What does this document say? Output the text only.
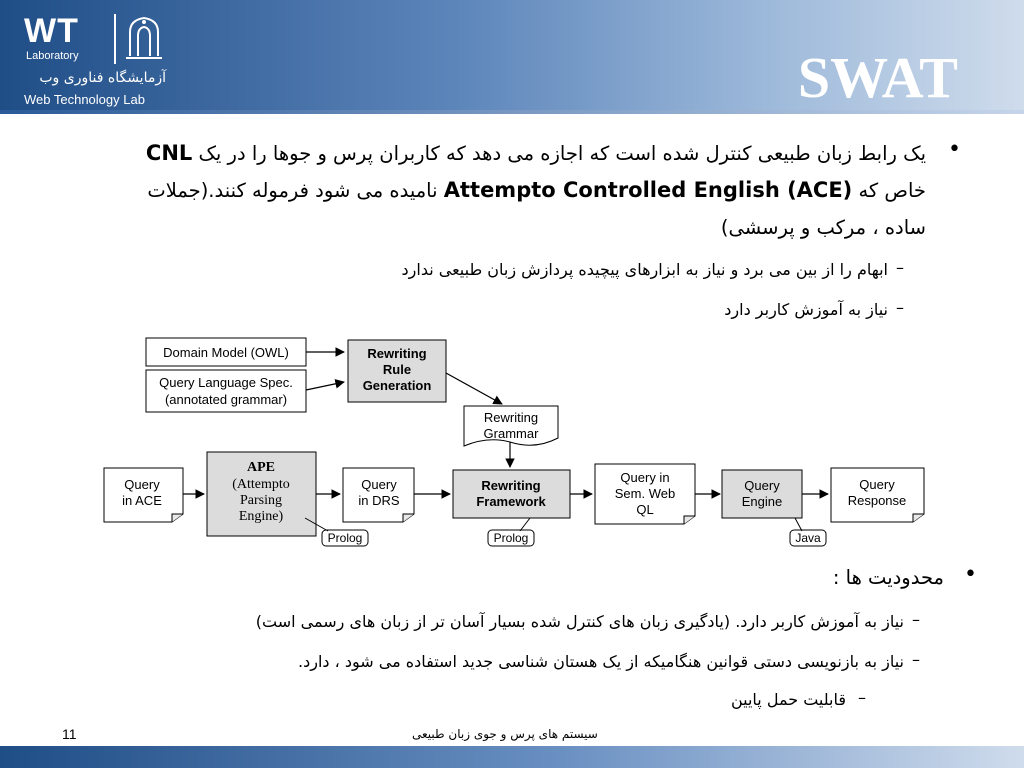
WT
Laboratory
آزمایشگاه فناوری وب
Web Technology Lab	SWAT
•
یک رابط زبان طبیعی کنترل شده است که اجازه می دهد که کاربران پرس و جوها را در یک CNL
خاص که Attempto Controlled English (ACE) نامیده می شود فرموله کنند.(جملات
ساده ، مرکب و پرسشی)
–
ابهام را از بین می برد و نیاز به ابزارهای پیچیده پردازش زبان طبیعی ندارد
–
نیاز به آموزش کاربر دارد
Domain Model (OWL)
Query Language Spec.
(annotated grammar)
Rewriting
Rule
Generation
Rewriting
Grammar
Query
in ACE
APE
(Attempto
Parsing
Engine)
Prolog
Query
in DRS
Rewriting
Framework
Prolog
Query in
Sem. Web
QL
Query
Engine
Java
Query
Response
•
محدودیت ها :
–
نیاز به آموزش کاربر دارد. (یادگیری زبان های کنترل شده بسیار آسان تر از زبان های رسمی است)
–
نیاز به بازنویسی دستی قوانین هنگامیکه از یک هستان شناسی جدید استفاده می شود ، دارد.
–
قابلیت حمل پایین
11	سیستم های پرس و جوی زبان طبیعی
